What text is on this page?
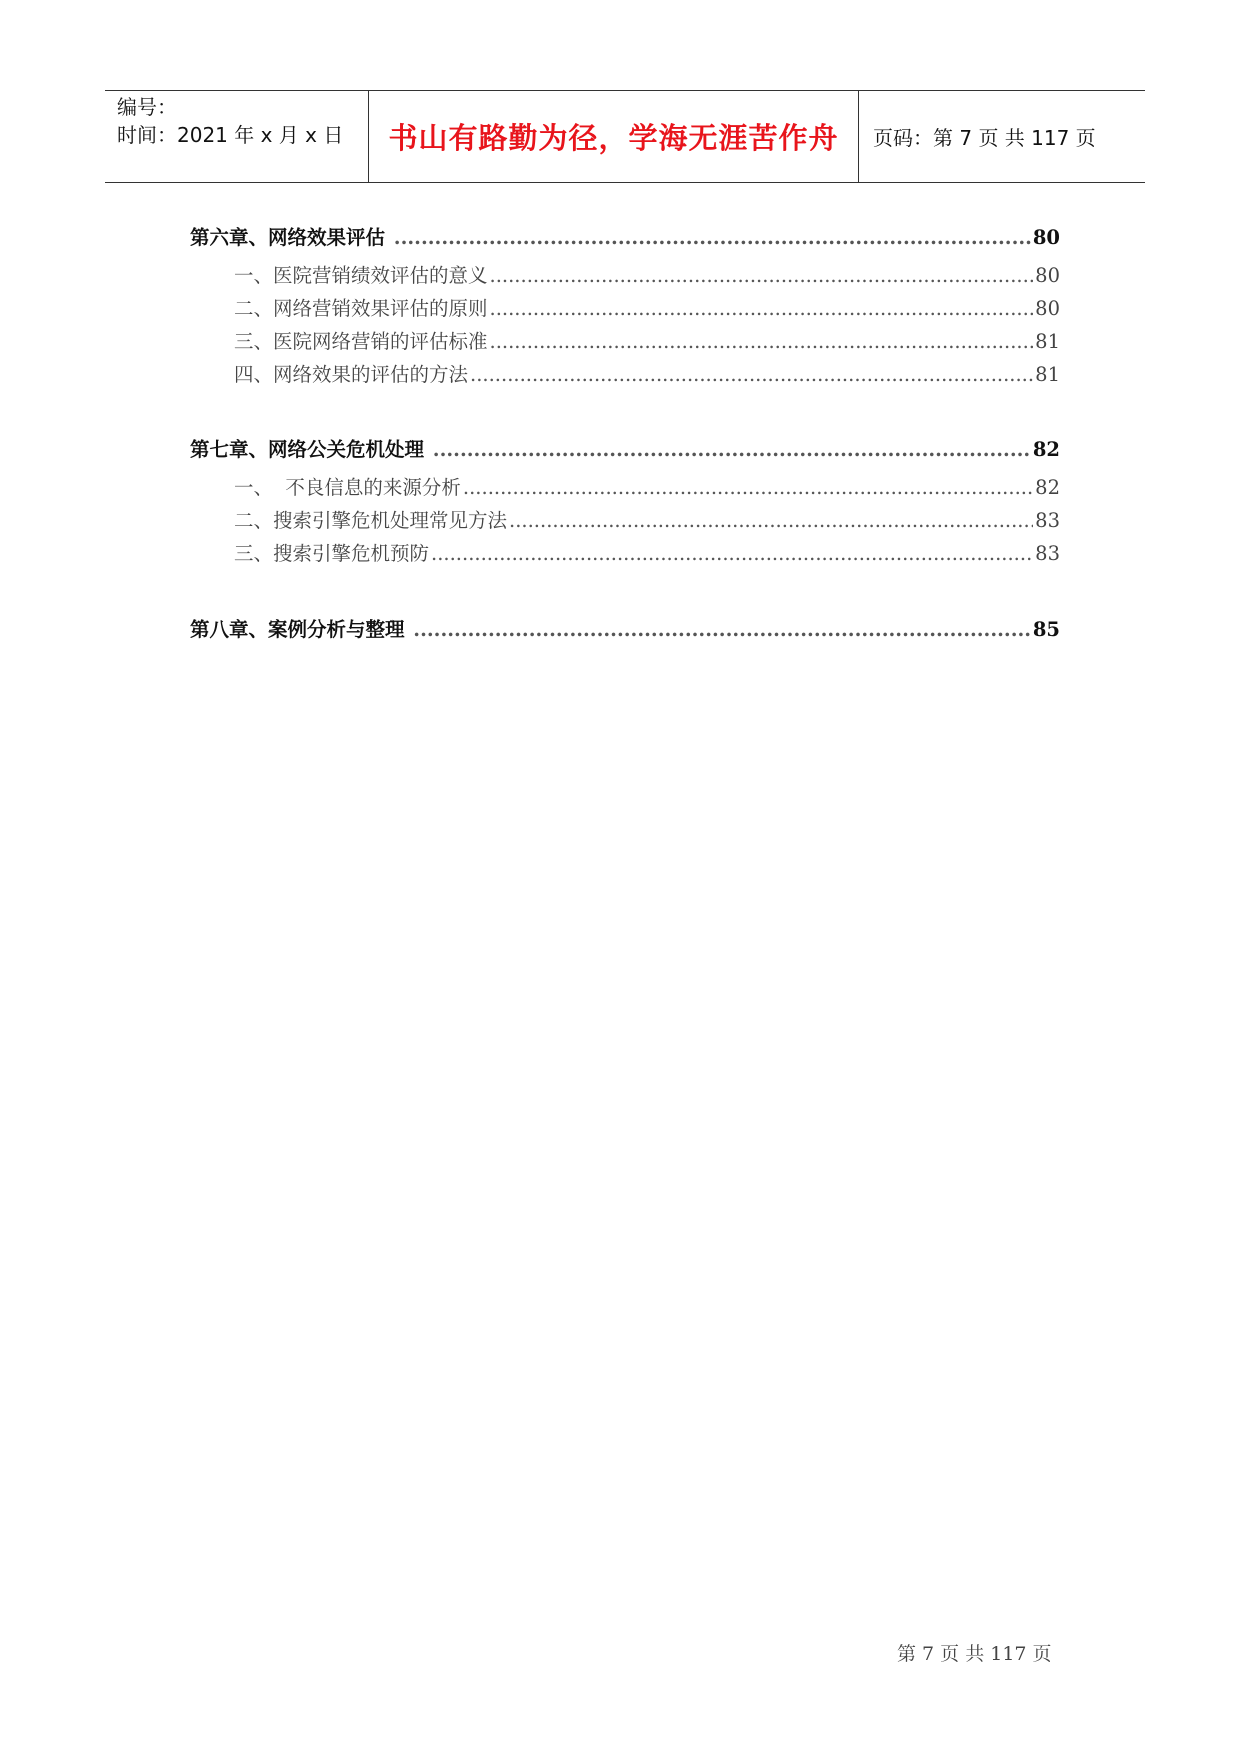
编号：
时间：2021 年 x 月 x 日	书山有路勤为径，学海无涯苦作舟	页码：第 7 页 共 117 页
第六章、网络效果评估 .....	80
一、医院营销绩效评估的意义 .....	80
二、网络营销效果评估的原则 .....	80
三、医院网络营销的评估标准 .....	81
四、网络效果的评估的方法 .....	81
第七章、网络公关危机处理 .....	82
一、  不良信息的来源分析 .....	82
二、搜索引擎危机处理常见方法 .....	83
三、搜索引擎危机预防 .....	83
第八章、案例分析与整理 .....	85
第 7 页 共 117 页
